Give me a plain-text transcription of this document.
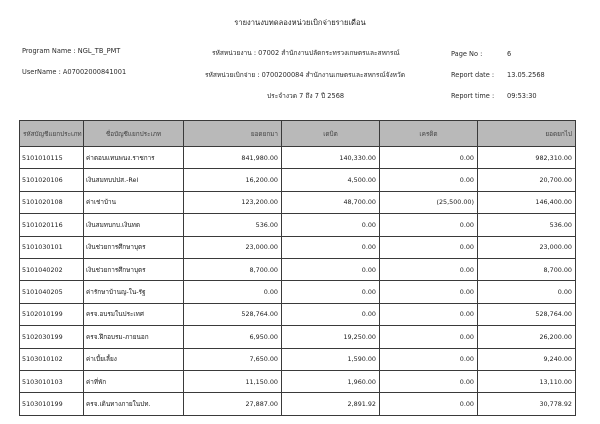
รายงานงบทดลองหน่วยเบิกจ่ายรายเดือน
Program Name : NGL_TB_PMT
UserName : A07002000841001
รหัสหน่วยงาน : 07002 สำนักงานปลัดกระทรวงเกษตรและสหกรณ์
รหัสหน่วยเบิกจ่าย : 0700200084 สำนักงานเกษตรและสหกรณ์จังหวัด
ประจำงวด 7 ถึง 7 ปี 2568
Page No :	6
Report date : 13.05.2568
Report time : 09:53:30
รหัสบัญชีแยกประเภท	ชื่อบัญชีแยกประเภท	ยอดยกมา	เดบิต	เครดิต	ยอดยกไป
5101010115	ค่าตอบแทนพนง.ราชการ	841,980.00	140,330.00	0.00	982,310.00
5101020106	เงินสมทบปปส.-Rel	16,200.00	4,500.00	0.00	20,700.00
5101020108	ค่าเช่าบ้าน	123,200.00	48,700.00	(25,500.00)	146,400.00
5101020116	เงินสมทบกบ.เงินทด	536.00	0.00	0.00	536.00
5101030101	เงินช่วยการศึกษาบุตร	23,000.00	0.00	0.00	23,000.00
5101040202	เงินช่วยการศึกษาบุตร	8,700.00	0.00	0.00	8,700.00
5101040205	ค่ารักษาบ้านญ-ใน-รัฐ	0.00	0.00	0.00	0.00
5102010199	ครจ.อบรมในประเทศ	528,764.00	0.00	0.00	528,764.00
5102030199	ครจ.ฝึกอบรม-ภายนอก	6,950.00	19,250.00	0.00	26,200.00
5103010102	ค่าเบี้ยเลี้ยง	7,650.00	1,590.00	0.00	9,240.00
5103010103	ค่าที่พัก	11,150.00	1,960.00	0.00	13,110.00
5103010199	ครจ.เดินทางภายในปท.	27,887.00	2,891.92	0.00	30,778.92
